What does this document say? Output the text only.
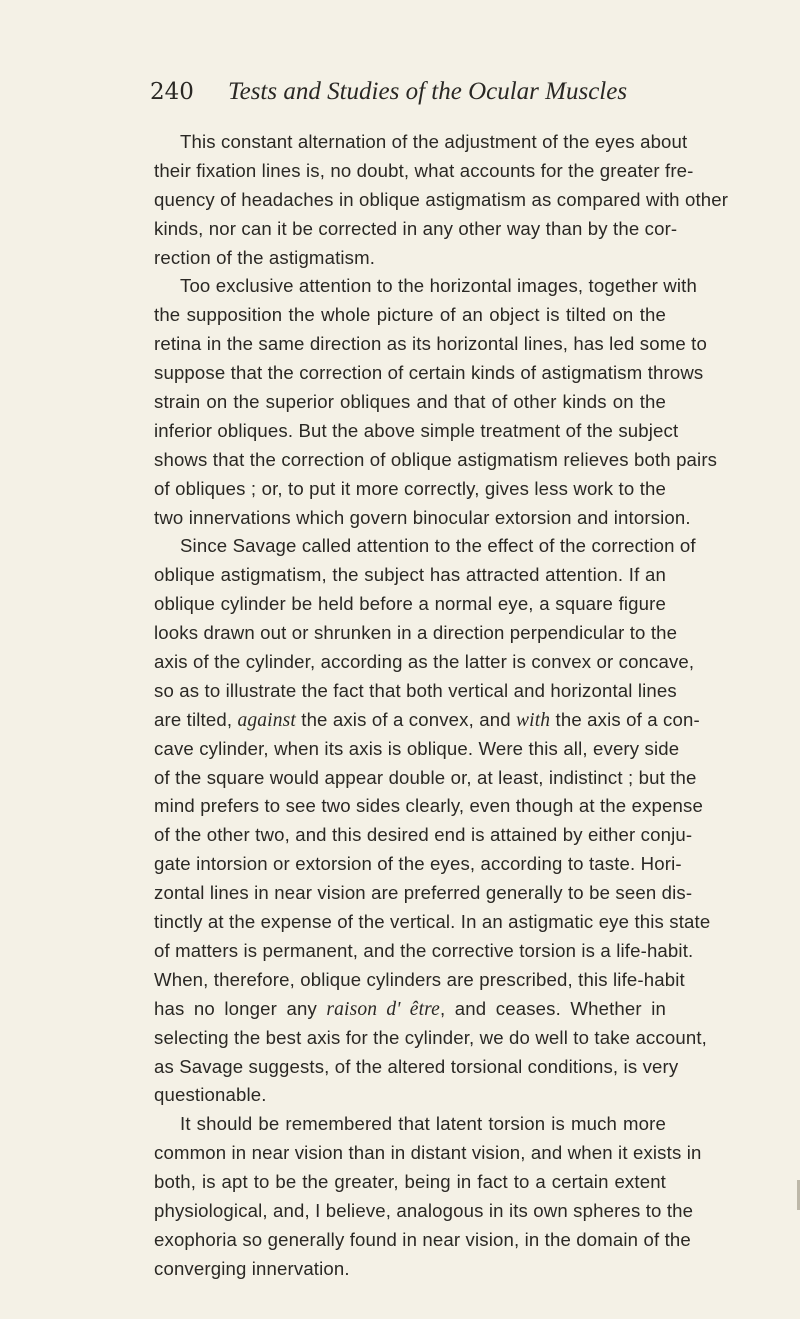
240 Tests and Studies of the Ocular Muscles
This constant alternation of the adjustment of the eyes about
their fixation lines is, no doubt, what accounts for the greater fre-
quency of headaches in oblique astigmatism as compared with other
kinds, nor can it be corrected in any other way than by the cor-
rection of the astigmatism.
Too exclusive attention to the horizontal images, together with
the supposition the whole picture of an object is tilted on the
retina in the same direction as its horizontal lines, has led some to
suppose that the correction of certain kinds of astigmatism throws
strain on the superior obliques and that of other kinds on the
inferior obliques. But the above simple treatment of the subject
shows that the correction of oblique astigmatism relieves both pairs
of obliques ; or, to put it more correctly, gives less work to the
two innervations which govern binocular extorsion and intorsion.
Since Savage called attention to the effect of the correction of
oblique astigmatism, the subject has attracted attention. If an
oblique cylinder be held before a normal eye, a square figure
looks drawn out or shrunken in a direction perpendicular to the
axis of the cylinder, according as the latter is convex or concave,
so as to illustrate the fact that both vertical and horizontal lines
are tilted, against the axis of a convex, and with the axis of a con-
cave cylinder, when its axis is oblique. Were this all, every side
of the square would appear double or, at least, indistinct ; but the
mind prefers to see two sides clearly, even though at the expense
of the other two, and this desired end is attained by either conju-
gate intorsion or extorsion of the eyes, according to taste. Hori-
zontal lines in near vision are preferred generally to be seen dis-
tinctly at the expense of the vertical. In an astigmatic eye this state
of matters is permanent, and the corrective torsion is a life-habit.
When, therefore, oblique cylinders are prescribed, this life-habit
has no longer any raison d' être, and ceases. Whether in
selecting the best axis for the cylinder, we do well to take account,
as Savage suggests, of the altered torsional conditions, is very
questionable.
It should be remembered that latent torsion is much more
common in near vision than in distant vision, and when it exists in
both, is apt to be the greater, being in fact to a certain extent
physiological, and, I believe, analogous in its own spheres to the
exophoria so generally found in near vision, in the domain of the
converging innervation.
